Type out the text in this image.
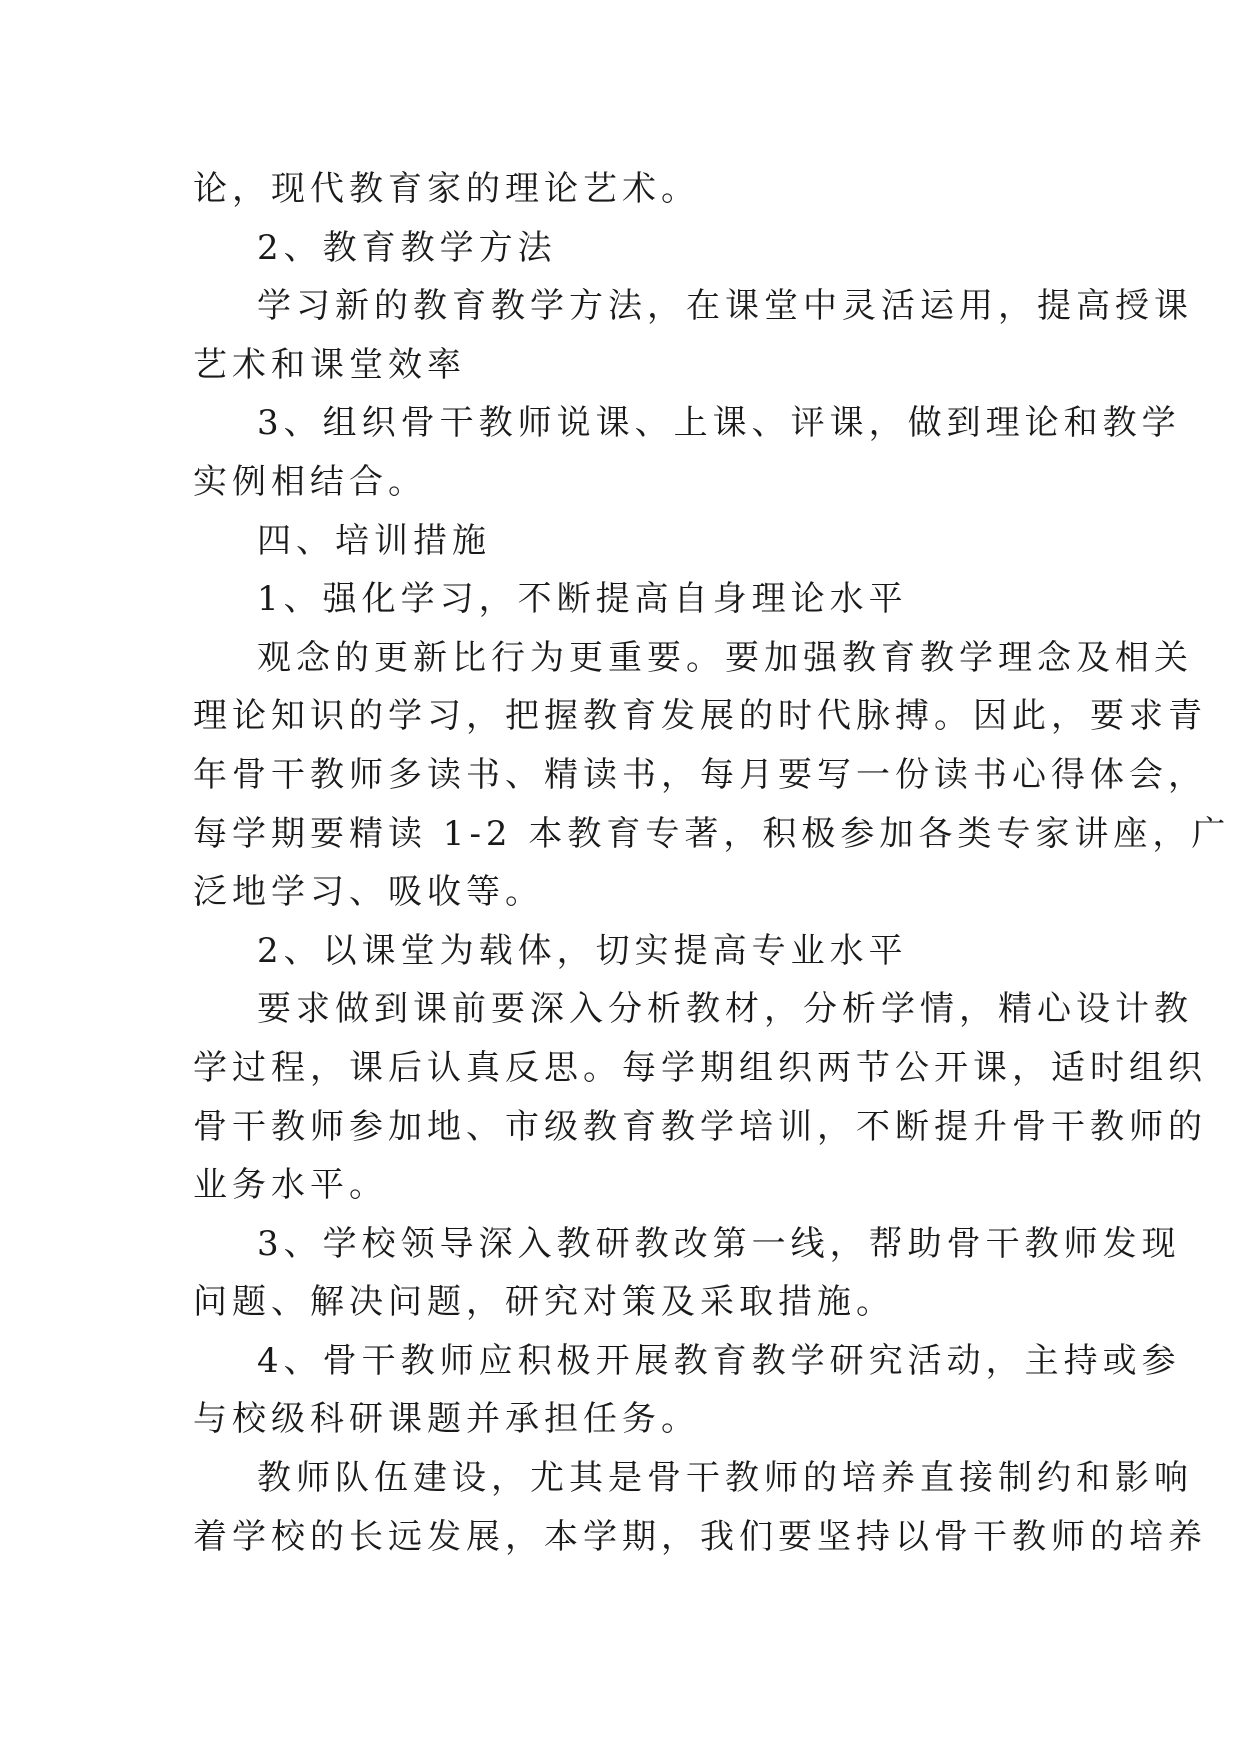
论，现代教育家的理论艺术。

2、教育教学方法

学习新的教育教学方法，在课堂中灵活运用，提高授课

艺术和课堂效率

3、组织骨干教师说课、上课、评课，做到理论和教学

实例相结合。

四、培训措施

1、强化学习，不断提高自身理论水平

观念的更新比行为更重要。要加强教育教学理念及相关

理论知识的学习，把握教育发展的时代脉搏。因此，要求青

年骨干教师多读书、精读书，每月要写一份读书心得体会，

每学期要精读 1-2 本教育专著，积极参加各类专家讲座，广

泛地学习、吸收等。

2、以课堂为载体，切实提高专业水平

要求做到课前要深入分析教材，分析学情，精心设计教

学过程，课后认真反思。每学期组织两节公开课，适时组织

骨干教师参加地、市级教育教学培训，不断提升骨干教师的

业务水平。

3、学校领导深入教研教改第一线，帮助骨干教师发现

问题、解决问题，研究对策及采取措施。

4、骨干教师应积极开展教育教学研究活动，主持或参

与校级科研课题并承担任务。

教师队伍建设，尤其是骨干教师的培养直接制约和影响

着学校的长远发展，本学期，我们要坚持以骨干教师的培养
